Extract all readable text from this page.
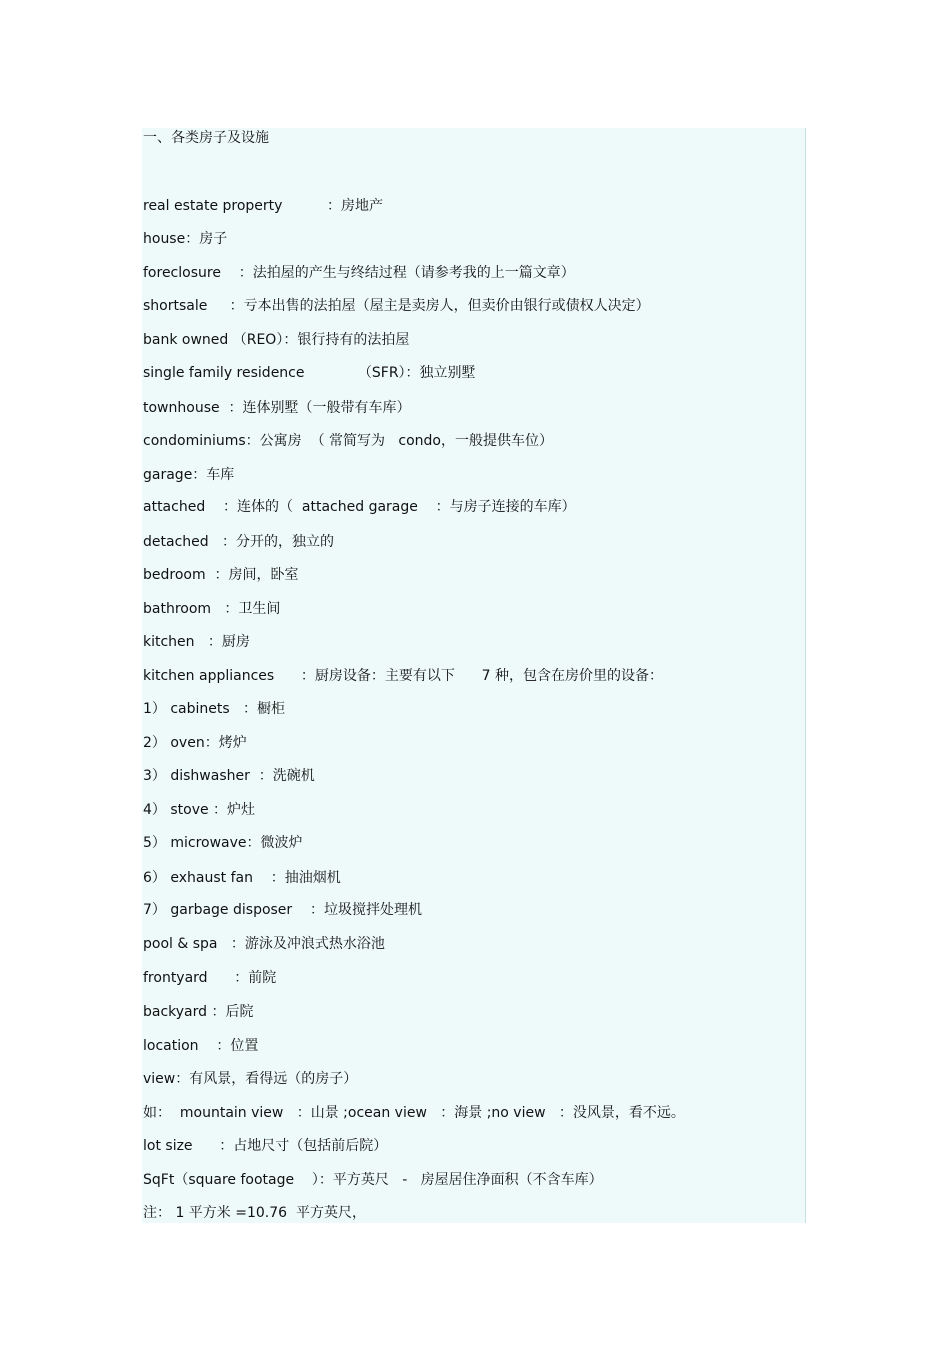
一、各类房子及设施
real estate property          ：房地产
house：房子
foreclosure    ：法拍屋的产生与终结过程（请参考我的上一篇文章）
shortsale     ：亏本出售的法拍屋（屋主是卖房人，但卖价由银行或债权人决定）
bank owned （REO）：银行持有的法拍屋
single family residence            （SFR）：独立别墅
townhouse  ：连体别墅（一般带有车库）
condominiums：公寓房  （ 常简写为   condo，一般提供车位）
garage：车库
attached    ：连体的（  attached garage    ：与房子连接的车库）
detached   ：分开的，独立的
bedroom  ：房间，卧室
bathroom   ：卫生间
kitchen   ：厨房
kitchen appliances      ：厨房设备：主要有以下      7 种，包含在房价里的设备：
1） cabinets   ：橱柜
2） oven：烤炉
3） dishwasher  ：洗碗机
4） stove ：炉灶
5） microwave：微波炉
6） exhaust fan    ：抽油烟机
7） garbage disposer    ：垃圾搅拌处理机
pool & spa   ：游泳及冲浪式热水浴池
frontyard      ：前院
backyard ：后院
location    ：位置
view：有风景，看得远（的房子）
如：  mountain view   ：山景 ;ocean view   ：海景 ;no view   ：没风景，看不远。
lot size      ：占地尺寸（包括前后院）
SqFt（square footage    ）：平方英尺   -   房屋居住净面积（不含车库）
注： 1 平方米 =10.76  平方英尺，
